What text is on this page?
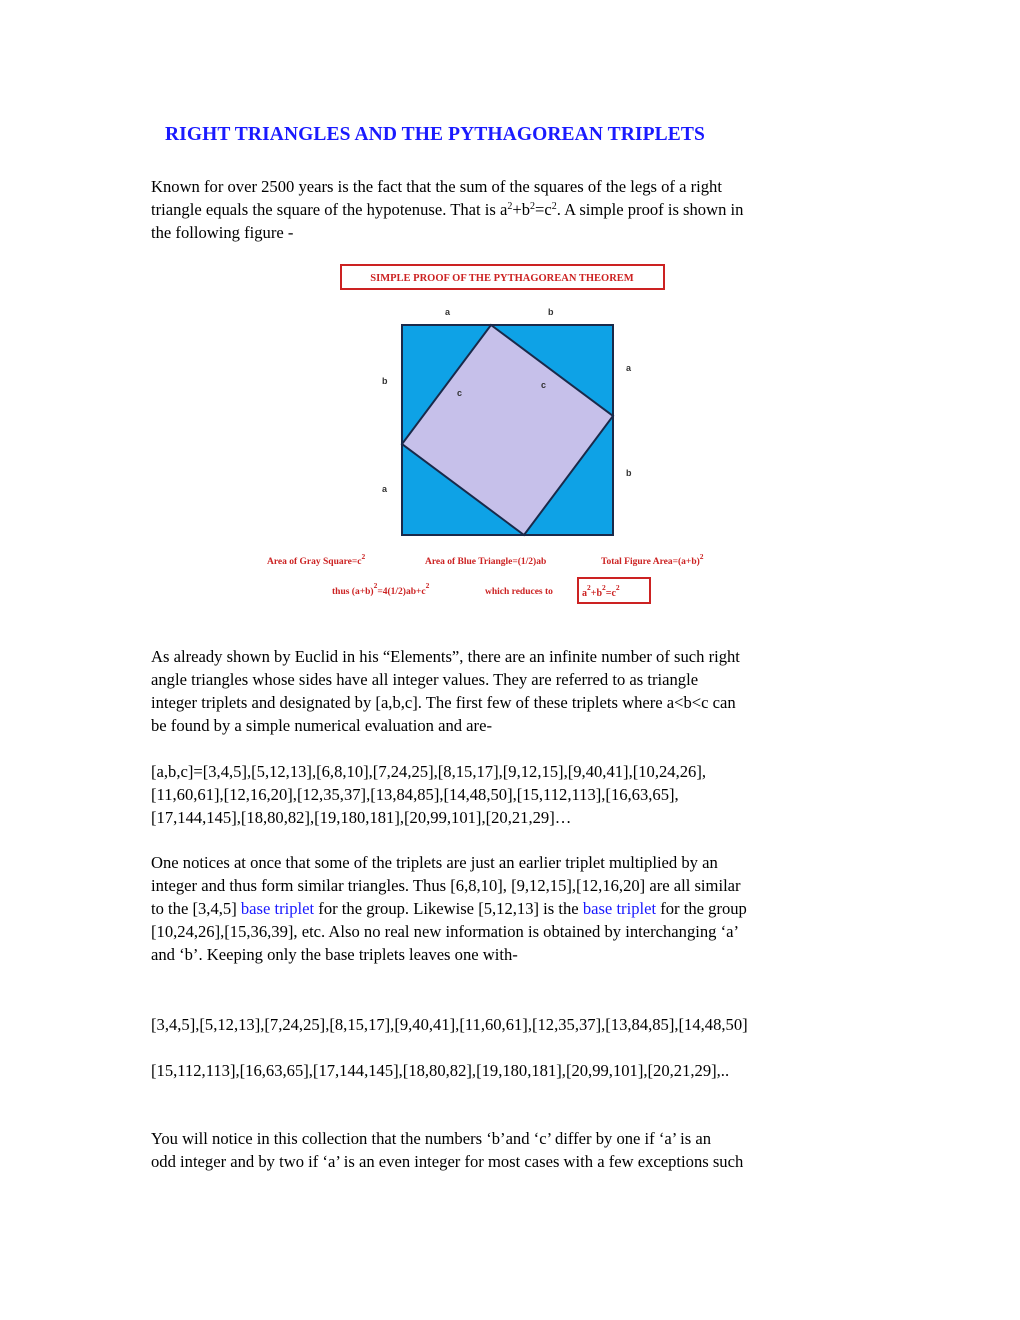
RIGHT TRIANGLES AND THE PYTHAGOREAN TRIPLETS

Known for over 2500 years is the fact that the sum of the squares of the legs of a right
triangle equals the square of the hypotenuse. That is $a^2+b^2=c^2$. A simple proof is shown in
the following figure -

As already shown by Euclid in his “Elements”, there are an infinite number of such right
angle triangles whose sides have all integer values. They are referred to as triangle
integer triplets and designated by [a,b,c]. The first few of these triplets where a<b<c can
be found by a simple numerical evaluation and are-

[a,b,c]=[3,4,5],[5,12,13],[6,8,10],[7,24,25],[8,15,17],[9,12,15],[9,40,41],[10,24,26],
[11,60,61],[12,16,20],[12,35,37],[13,84,85],[14,48,50],[15,112,113],[16,63,65],
[17,144,145],[18,80,82],[19,180,181],[20,99,101],[20,21,29]…

One notices at once that some of the triplets are just an earlier triplet multiplied by an
integer and thus form similar triangles. Thus [6,8,10], [9,12,15],[12,16,20] are all similar
to the [3,4,5] base triplet for the group. Likewise [5,12,13] is the base triplet for the group
[10,24,26],[15,36,39], etc. Also no real new information is obtained by interchanging ‘a’
and ‘b’. Keeping only the base triplets leaves one with-

[3,4,5],[5,12,13],[7,24,25],[8,15,17],[9,40,41],[11,60,61],[12,35,37],[13,84,85],[14,48,50]

[15,112,113],[16,63,65],[17,144,145],[18,80,82],[19,180,181],[20,99,101],[20,21,29],..

You will notice in this collection that the numbers ‘b’and ‘c’ differ by one if ‘a’ is an
odd integer and by two if ‘a’ is an even integer for most cases with a few exceptions such

SIMPLE PROOF OF THE PYTHAGOREAN THEOREM
a	b
b
a
a
b
c
c
Area of Gray $Square=c^2$
Area of Blue Triangle=(1/2)ab	Total Figure $Area=(a+b)^2$
thus $(a+b)^2=4(1/2)ab+c^2$
which reduces to	$a^2+b^2=c^2$
